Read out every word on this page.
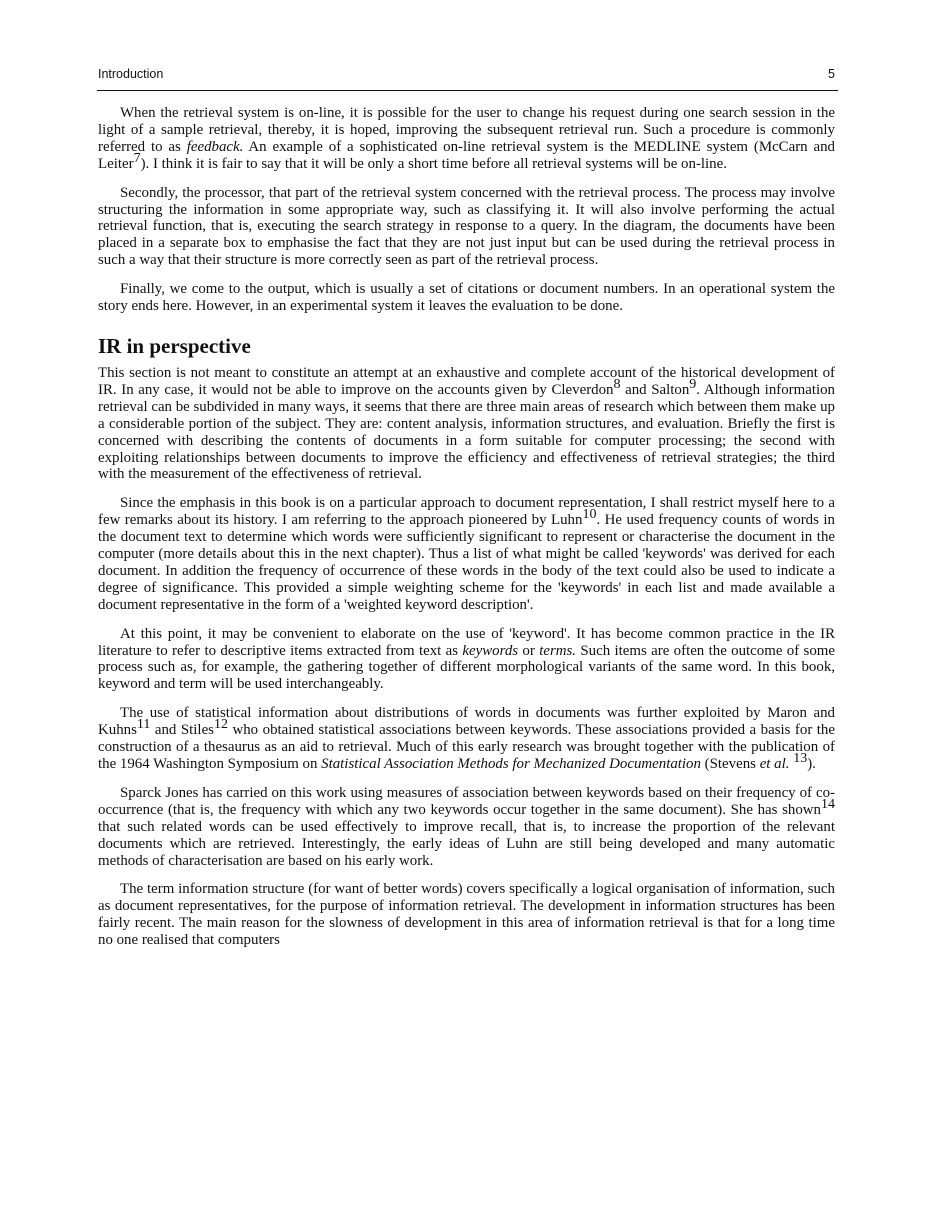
Introduction	5

When the retrieval system is on-line, it is possible for the user to change his request during one search session in the light of a sample retrieval, thereby, it is hoped, improving the subsequent retrieval run. Such a procedure is commonly referred to as feedback. An example of a sophisticated on-line retrieval system is the MEDLINE system (McCarn and Leiter$^7$). I think it is fair to say that it will be only a short time before all retrieval systems will be on-line.

Secondly, the processor, that part of the retrieval system concerned with the retrieval process. The process may involve structuring the information in some appropriate way, such as classifying it. It will also involve performing the actual retrieval function, that is, executing the search strategy in response to a query. In the diagram, the documents have been placed in a separate box to emphasise the fact that they are not just input but can be used during the retrieval process in such a way that their structure is more correctly seen as part of the retrieval process.

Finally, we come to the output, which is usually a set of citations or document numbers. In an operational system the story ends here. However, in an experimental system it leaves the evaluation to be done.

IR in perspective

This section is not meant to constitute an attempt at an exhaustive and complete account of the historical development of IR. In any case, it would not be able to improve on the accounts given by Cleverdon$^8$ and Salton$^9$. Although information retrieval can be subdivided in many ways, it seems that there are three main areas of research which between them make up a considerable portion of the subject. They are: content analysis, information structures, and evaluation. Briefly the first is concerned with describing the contents of documents in a form suitable for computer processing; the second with exploiting relationships between documents to improve the efficiency and effectiveness of retrieval strategies; the third with the measurement of the effectiveness of retrieval.

Since the emphasis in this book is on a particular approach to document representation, I shall restrict myself here to a few remarks about its history. I am referring to the approach pioneered by Luhn$^{10}$. He used frequency counts of words in the document text to determine which words were sufficiently significant to represent or characterise the document in the computer (more details about this in the next chapter). Thus a list of what might be called 'keywords' was derived for each document. In addition the frequency of occurrence of these words in the body of the text could also be used to indicate a degree of significance. This provided a simple weighting scheme for the 'keywords' in each list and made available a document representative in the form of a 'weighted keyword description'.

At this point, it may be convenient to elaborate on the use of 'keyword'. It has become common practice in the IR literature to refer to descriptive items extracted from text as keywords or terms. Such items are often the outcome of some process such as, for example, the gathering together of different morphological variants of the same word. In this book, keyword and term will be used interchangeably.

The use of statistical information about distributions of words in documents was further exploited by Maron and Kuhns$^{11}$ and Stiles$^{12}$ who obtained statistical associations between keywords. These associations provided a basis for the construction of a thesaurus as an aid to retrieval. Much of this early research was brought together with the publication of the 1964 Washington Symposium on Statistical Association Methods for Mechanized Documentation (Stevens et al. $^{13}$).

Sparck Jones has carried on this work using measures of association between keywords based on their frequency of co-occurrence (that is, the frequency with which any two keywords occur together in the same document). She has shown$^{14}$ that such related words can be used effectively to improve recall, that is, to increase the proportion of the relevant documents which are retrieved. Interestingly, the early ideas of Luhn are still being developed and many automatic methods of characterisation are based on his early work.

The term information structure (for want of better words) covers specifically a logical organisation of information, such as document representatives, for the purpose of information retrieval. The development in information structures has been fairly recent. The main reason for the slowness of development in this area of information retrieval is that for a long time no one realised that computers
